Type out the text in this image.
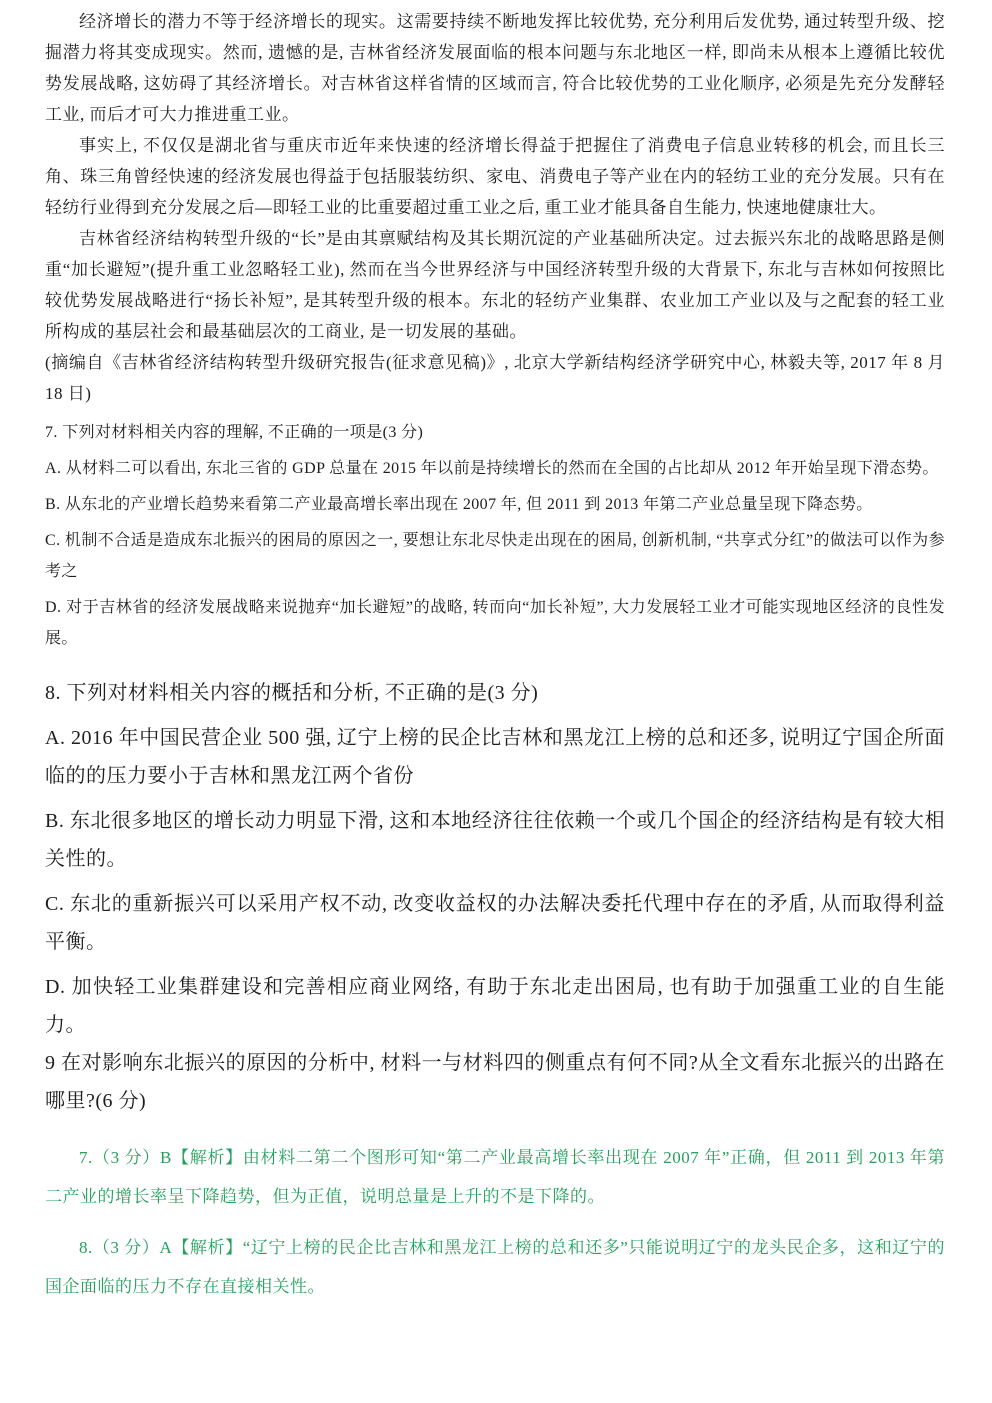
经济增长的潜力不等于经济增长的现实。这需要持续不断地发挥比较优势, 充分利用后发优势, 通过转型升级、挖掘潜力将其变成现实。然而, 遗憾的是, 吉林省经济发展面临的根本问题与东北地区一样, 即尚未从根本上遵循比较优势发展战略, 这妨碍了其经济增长。对吉林省这样省情的区域而言, 符合比较优势的工业化顺序, 必须是先充分发酵轻工业, 而后才可大力推进重工业。

事实上, 不仅仅是湖北省与重庆市近年来快速的经济增长得益于把握住了消费电子信息业转移的机会, 而且长三角、珠三角曾经快速的经济发展也得益于包括服装纺织、家电、消费电子等产业在内的轻纺工业的充分发展。只有在轻纺行业得到充分发展之后—即轻工业的比重要超过重工业之后, 重工业才能具备自生能力, 快速地健康壮大。

吉林省经济结构转型升级的“长”是由其禀赋结构及其长期沉淀的产业基础所决定。过去振兴东北的战略思路是侧重“加长避短”(提升重工业忽略轻工业), 然而在当今世界经济与中国经济转型升级的大背景下, 东北与吉林如何按照比较优势发展战略进行“扬长补短”, 是其转型升级的根本。东北的轻纺产业集群、农业加工产业以及与之配套的轻工业所构成的基层社会和最基础层次的工商业, 是一切发展的基础。

(摘编自《吉林省经济结构转型升级研究报告(征求意见稿)》, 北京大学新结构经济学研究中心, 林毅夫等, 2017 年 8 月 18 日)

7. 下列对材料相关内容的理解, 不正确的一项是(3 分)

A. 从材料二可以看出, 东北三省的 GDP 总量在 2015 年以前是持续增长的然而在全国的占比却从 2012 年开始呈现下滑态势。

B. 从东北的产业增长趋势来看第二产业最高增长率出现在 2007 年, 但 2011 到 2013 年第二产业总量呈现下降态势。

C. 机制不合适是造成东北振兴的困局的原因之一, 要想让东北尽快走出现在的困局, 创新机制, “共享式分红”的做法可以作为参考之

D. 对于吉林省的经济发展战略来说抛弃“加长避短”的战略, 转而向“加长补短”, 大力发展轻工业才可能实现地区经济的良性发展。

8. 下列对材料相关内容的概括和分析, 不正确的是(3 分)

A. 2016 年中国民营企业 500 强, 辽宁上榜的民企比吉林和黑龙江上榜的总和还多, 说明辽宁国企所面临的的压力要小于吉林和黑龙江两个省份

B. 东北很多地区的增长动力明显下滑, 这和本地经济往往依赖一个或几个国企的经济结构是有较大相关性的。

C. 东北的重新振兴可以采用产权不动, 改变收益权的办法解决委托代理中存在的矛盾, 从而取得利益平衡。

D. 加快轻工业集群建设和完善相应商业网络, 有助于东北走出困局, 也有助于加强重工业的自生能力。

9 在对影响东北振兴的原因的分析中, 材料一与材料四的侧重点有何不同?从全文看东北振兴的出路在哪里?(6 分)

7.（3 分）B【解析】由材料二第二个图形可知“第二产业最高增长率出现在 2007 年”正确，但 2011 到 2013 年第二产业的增长率呈下降趋势，但为正值，说明总量是上升的不是下降的。

8.（3 分）A【解析】“辽宁上榜的民企比吉林和黑龙江上榜的总和还多”只能说明辽宁的龙头民企多，这和辽宁的国企面临的压力不存在直接相关性。
